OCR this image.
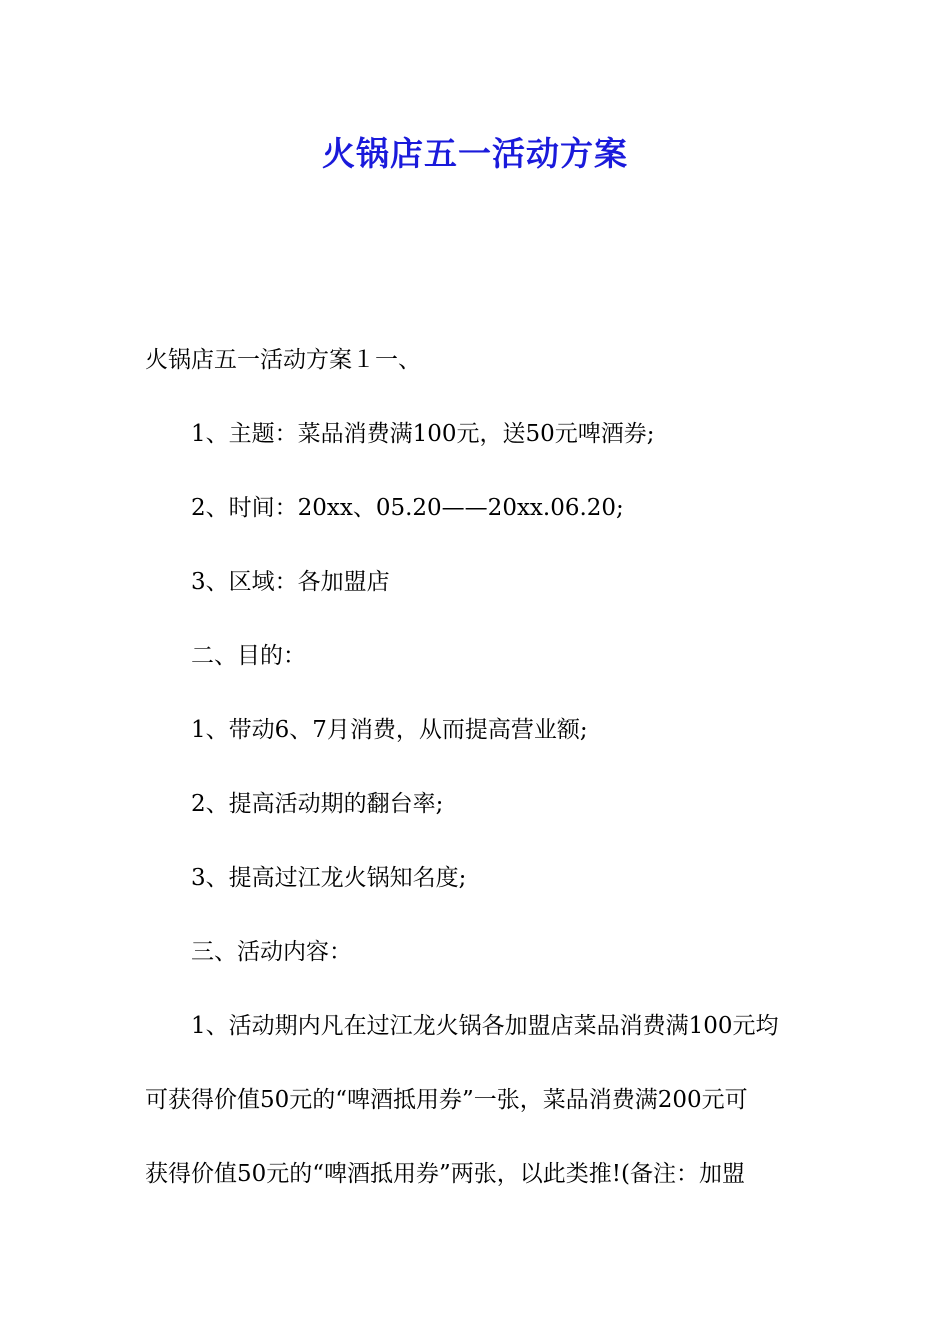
火锅店五一活动方案

火锅店五一活动方案１一、

1、主题：菜品消费满100元，送50元啤酒券;

2、时间：20xx、05.20——20xx.06.20;

3、区域：各加盟店

二、目的：

1、带动6、7月消费，从而提高营业额;

2、提高活动期的翻台率;

3、提高过江龙火锅知名度;

三、活动内容：

1、活动期内凡在过江龙火锅各加盟店菜品消费满100元均
可获得价值50元的“啤酒抵用券”一张，菜品消费满200元可
获得价值50元的“啤酒抵用券”两张，以此类推!(备注：加盟
